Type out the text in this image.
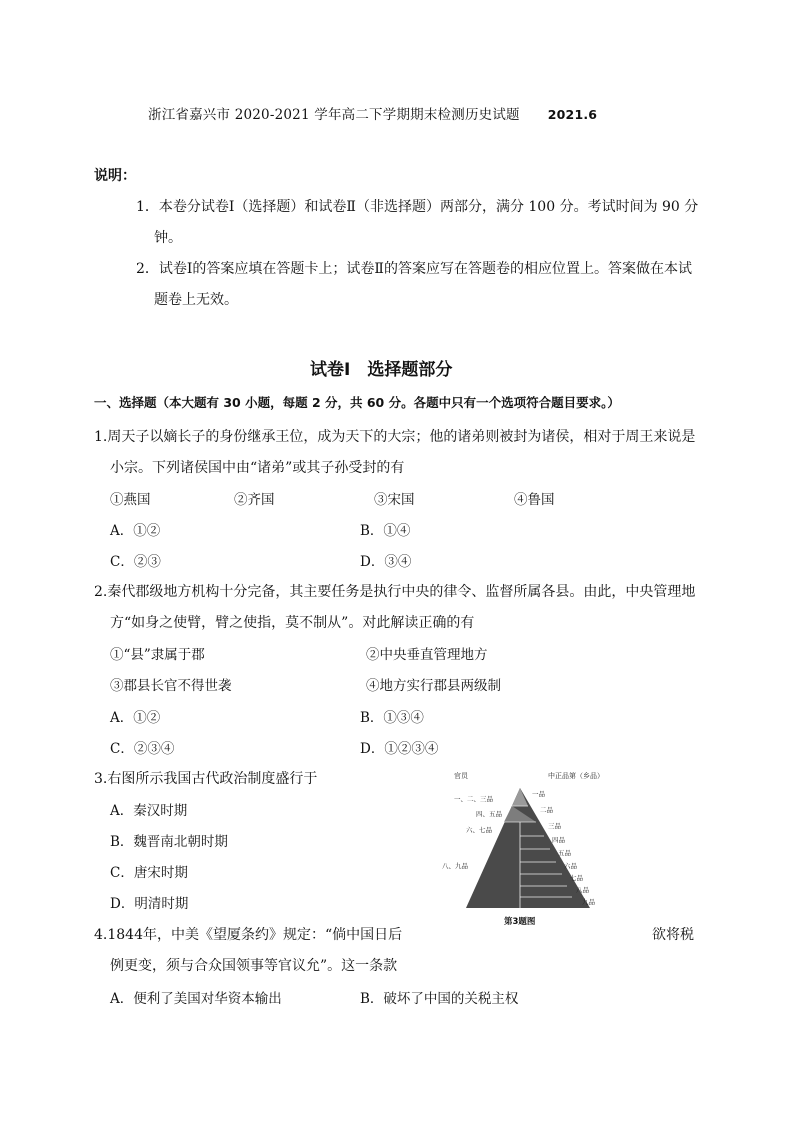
浙江省嘉兴市 2020-2021 学年高二下学期期末检测历史试题 2021.6
说明：
1．本卷分试卷Ⅰ（选择题）和试卷Ⅱ（非选择题）两部分，满分 100 分。考试时间为 90 分
钟。
2．试卷Ⅰ的答案应填在答题卡上；试卷Ⅱ的答案应写在答题卷的相应位置上。答案做在本试
题卷上无效。
试卷Ⅰ　选择题部分
一、选择题（本大题有 30 小题，每题 2 分，共 60 分。各题中只有一个选项符合题目要求。）
1.周天子以嫡长子的身份继承王位，成为天下的大宗；他的诸弟则被封为诸侯，相对于周王来说是
小宗。下列诸侯国中由“诸弟”或其子孙受封的有
①燕国	②齐国	③宋国	④鲁国
A．①②	B．①④
C．②③	D．③④
2.秦代郡级地方机构十分完备，其主要任务是执行中央的律令、监督所属各县。由此，中央管理地
方“如身之使臂，臂之使指，莫不制从”。对此解读正确的有
①“县”隶属于郡	②中央垂直管理地方
③郡县长官不得世袭	④地方实行郡县两级制
A．①②	B．①③④
C．②③④	D．①②③④
3.右图所示我国古代政治制度盛行于
A．秦汉时期
B．魏晋南北朝时期
C．唐宋时期
D．明清时期
官员	中正品第（乡品）
一、二、三品
四、五品
六、七品
八、九品
一品
二品
三品
四品
五品
六品
七品
八品
九品
第3题图
4.1844年，中美《望厦条约》规定：“倘中国日后	欲将税
例更变，须与合众国领事等官议允”。这一条款
A．便利了美国对华资本输出	B．破坏了中国的关税主权
